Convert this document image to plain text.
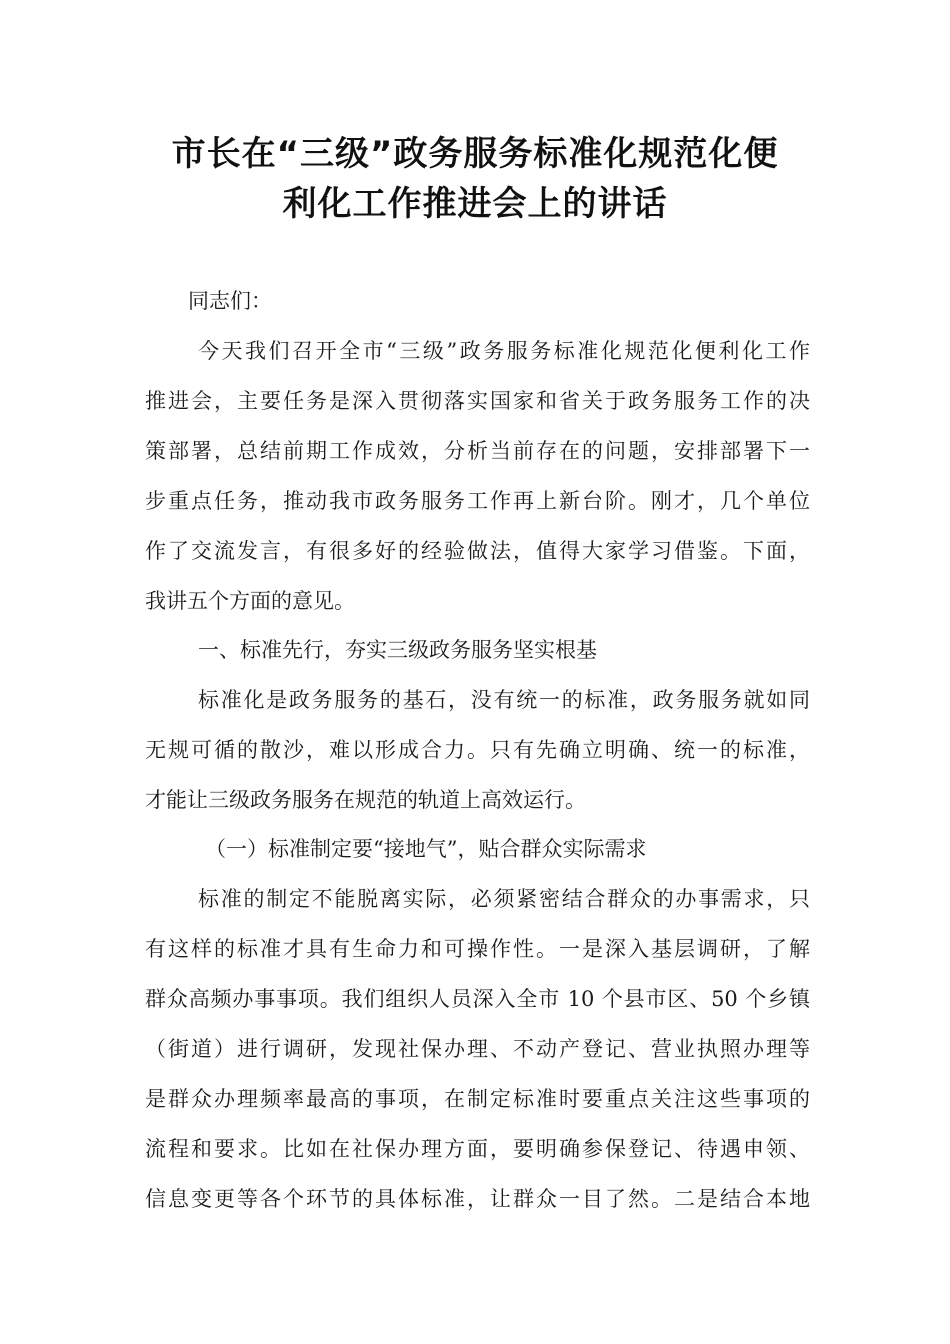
市长在“三级”政务服务标准化规范化便
利化工作推进会上的讲话
同志们：
今天我们召开全市“三级”政务服务标准化规范化便利化工作
推进会，主要任务是深入贯彻落实国家和省关于政务服务工作的决
策部署，总结前期工作成效，分析当前存在的问题，安排部署下一
步重点任务，推动我市政务服务工作再上新台阶。刚才，几个单位
作了交流发言，有很多好的经验做法，值得大家学习借鉴。下面，
我讲五个方面的意见。
一、标准先行，夯实三级政务服务坚实根基
标准化是政务服务的基石，没有统一的标准，政务服务就如同
无规可循的散沙，难以形成合力。只有先确立明确、统一的标准，
才能让三级政务服务在规范的轨道上高效运行。
（一）标准制定要“接地气”，贴合群众实际需求
标准的制定不能脱离实际，必须紧密结合群众的办事需求，只
有这样的标准才具有生命力和可操作性。一是深入基层调研，了解
群众高频办事事项。我们组织人员深入全市 10 个县市区、50 个乡镇
（街道）进行调研，发现社保办理、不动产登记、营业执照办理等
是群众办理频率最高的事项，在制定标准时要重点关注这些事项的
流程和要求。比如在社保办理方面，要明确参保登记、待遇申领、
信息变更等各个环节的具体标准，让群众一目了然。二是结合本地
